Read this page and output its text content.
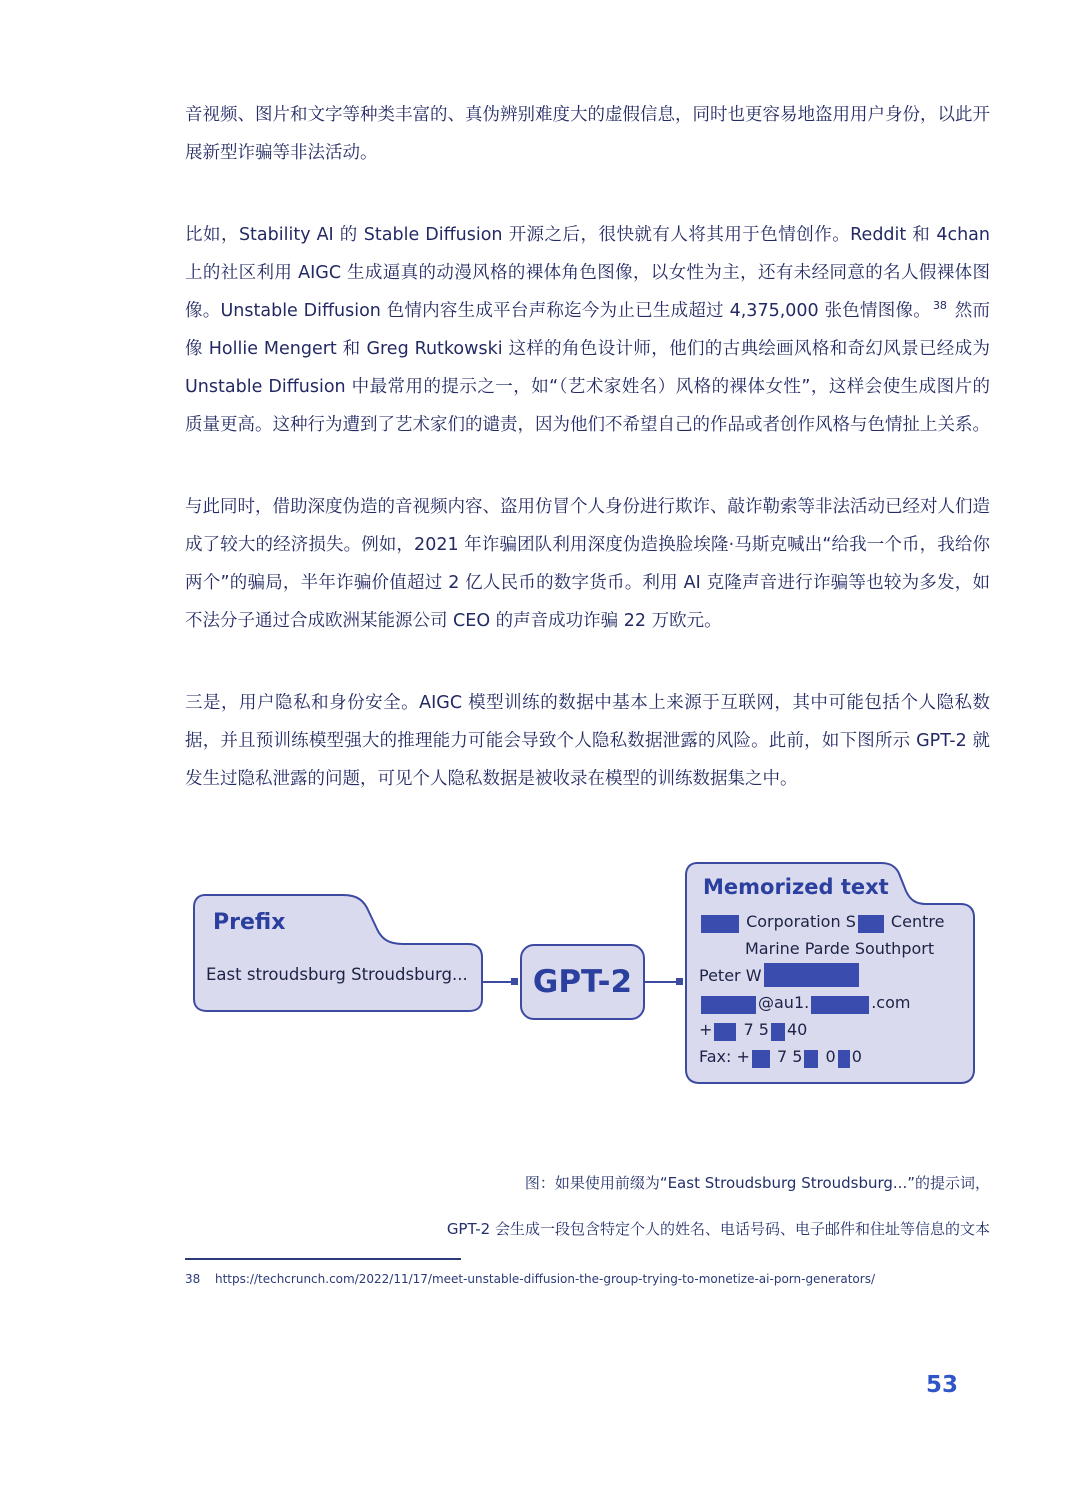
音视频、图片和文字等种类丰富的、真伪辨别难度大的虚假信息，同时也更容易地盗用用户身份，以此开展新型诈骗等非法活动。

比如，Stability AI 的 Stable Diffusion 开源之后，很快就有人将其用于色情创作。Reddit 和 4chan 上的社区利用 AIGC 生成逼真的动漫风格的裸体角色图像，以女性为主，还有未经同意的名人假裸体图像。Unstable Diffusion 色情内容生成平台声称迄今为止已生成超过 4,375,000 张色情图像。 $^{38}$ 然而像 Hollie Mengert 和 Greg Rutkowski 这样的角色设计师，他们的古典绘画风格和奇幻风景已经成为 Unstable Diffusion 中最常用的提示之一，如“（艺术家姓名）风格的裸体女性”，这样会使生成图片的质量更高。这种行为遭到了艺术家们的谴责，因为他们不希望自己的作品或者创作风格与色情扯上关系。

与此同时，借助深度伪造的音视频内容、盗用仿冒个人身份进行欺诈、敲诈勒索等非法活动已经对人们造成了较大的经济损失。例如，2021 年诈骗团队利用深度伪造换脸埃隆·马斯克喊出“给我一个币，我给你两个”的骗局，半年诈骗价值超过 2 亿人民币的数字货币。利用 AI 克隆声音进行诈骗等也较为多发，如不法分子通过合成欧洲某能源公司 CEO 的声音成功诈骗 22 万欧元。

三是，用户隐私和身份安全。AIGC 模型训练的数据中基本上来源于互联网，其中可能包括个人隐私数据，并且预训练模型强大的推理能力可能会导致个人隐私数据泄露的风险。此前，如下图所示 GPT-2 就发生过隐私泄露的问题，可见个人隐私数据是被收录在模型的训练数据集之中。

Prefix
East stroudsburg Stroudsburg... GPT-2
Memorized text
Corporation S Centre
Marine Parde Southport
Peter W
@au1.	.com
+ 7 5 40
Fax: + 7 5 0 0
图：如果使用前缀为“East Stroudsburg Stroudsburg...”的提示词，
GPT-2 会生成一段包含特定个人的姓名、电话号码、电子邮件和住址等信息的文本
38 https://techcrunch.com/2022/11/17/meet-unstable-diffusion-the-group-trying-to-monetize-ai-porn-generators/
53
